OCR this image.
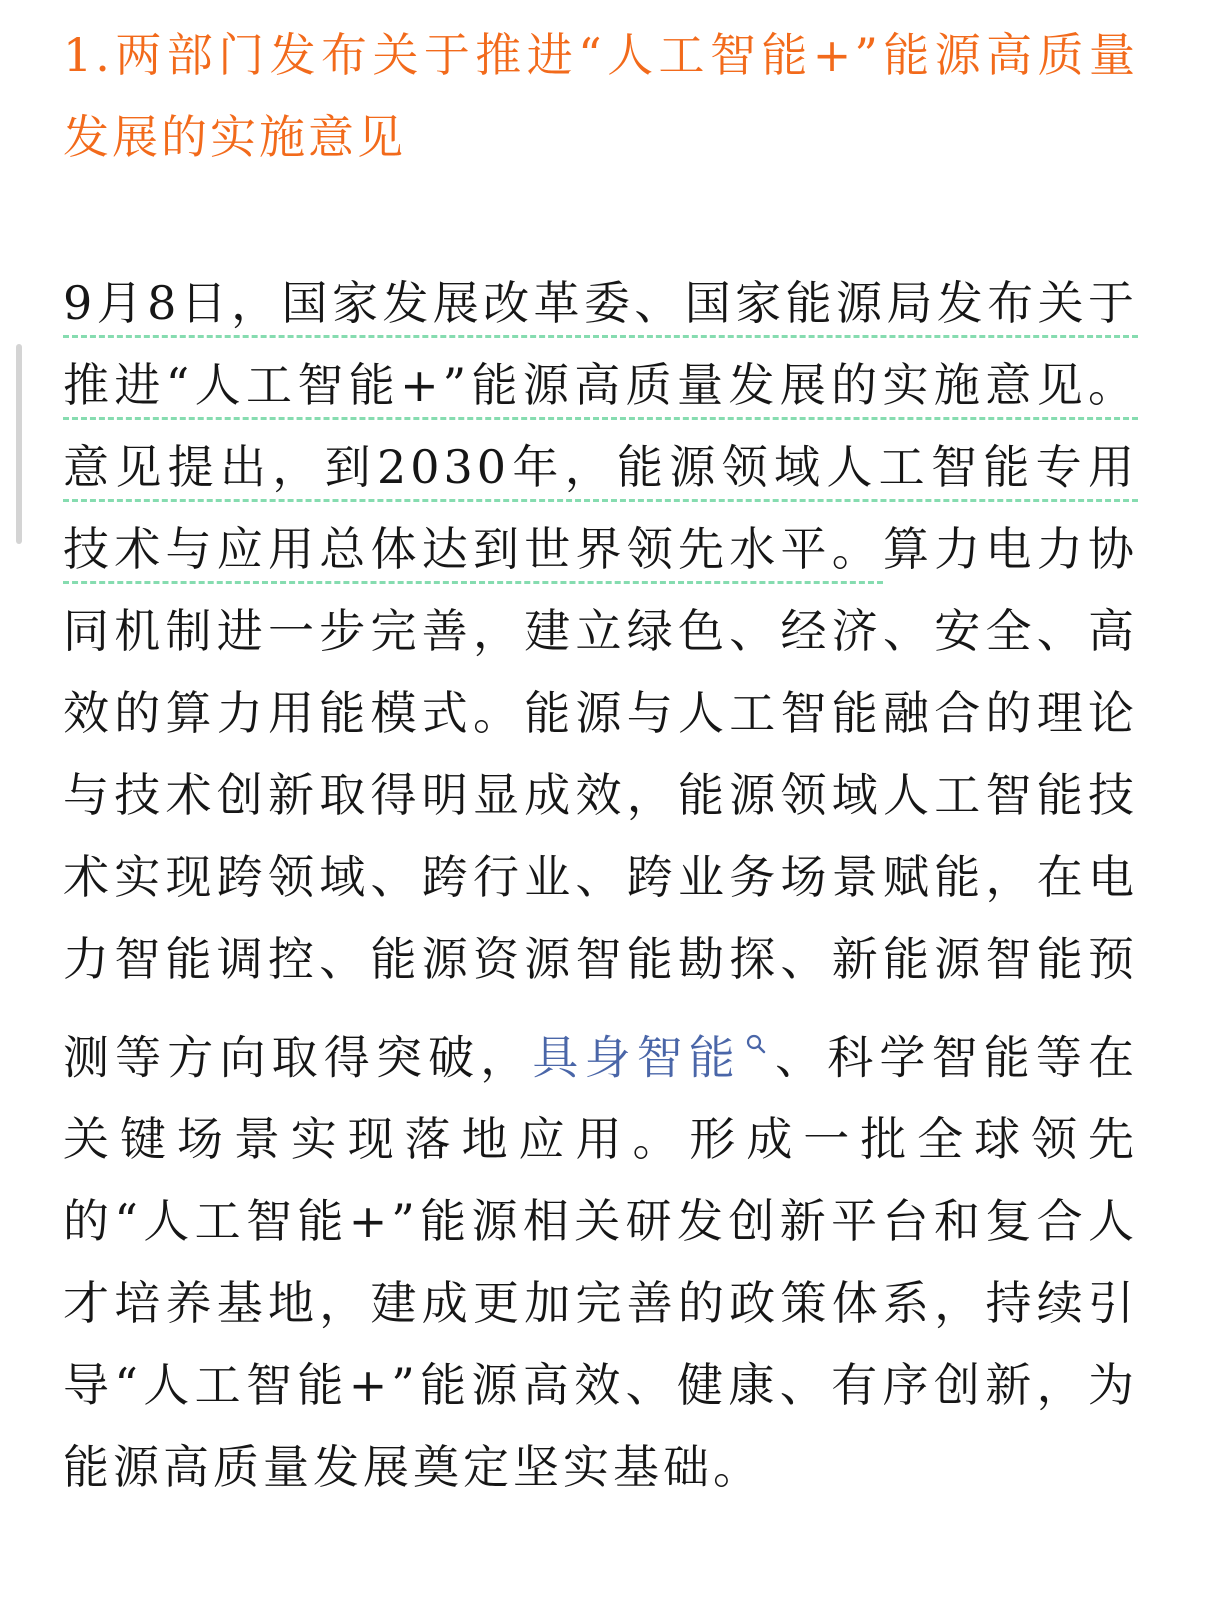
1.两部门发布关于推进“人工智能+”能源高质量发展的实施意见

9月8日，国家发展改革委、国家能源局发布关于推进“人工智能+”能源高质量发展的实施意见。意见提出，到2030年，能源领域人工智能专用技术与应用总体达到世界领先水平。算力电力协同机制进一步完善，建立绿色、经济、安全、高效的算力用能模式。能源与人工智能融合的理论与技术创新取得明显成效，能源领域人工智能技术实现跨领域、跨行业、跨业务场景赋能，在电力智能调控、能源资源智能勘探、新能源智能预测等方向取得突破，具身智能 、科学智能等在关键场景实现落地应用。形成一批全球领先的“人工智能+”能源相关研发创新平台和复合人才培养基地，建成更加完善的政策体系，持续引导“人工智能+”能源高效、健康、有序创新，为能源高质量发展奠定坚实基础。
